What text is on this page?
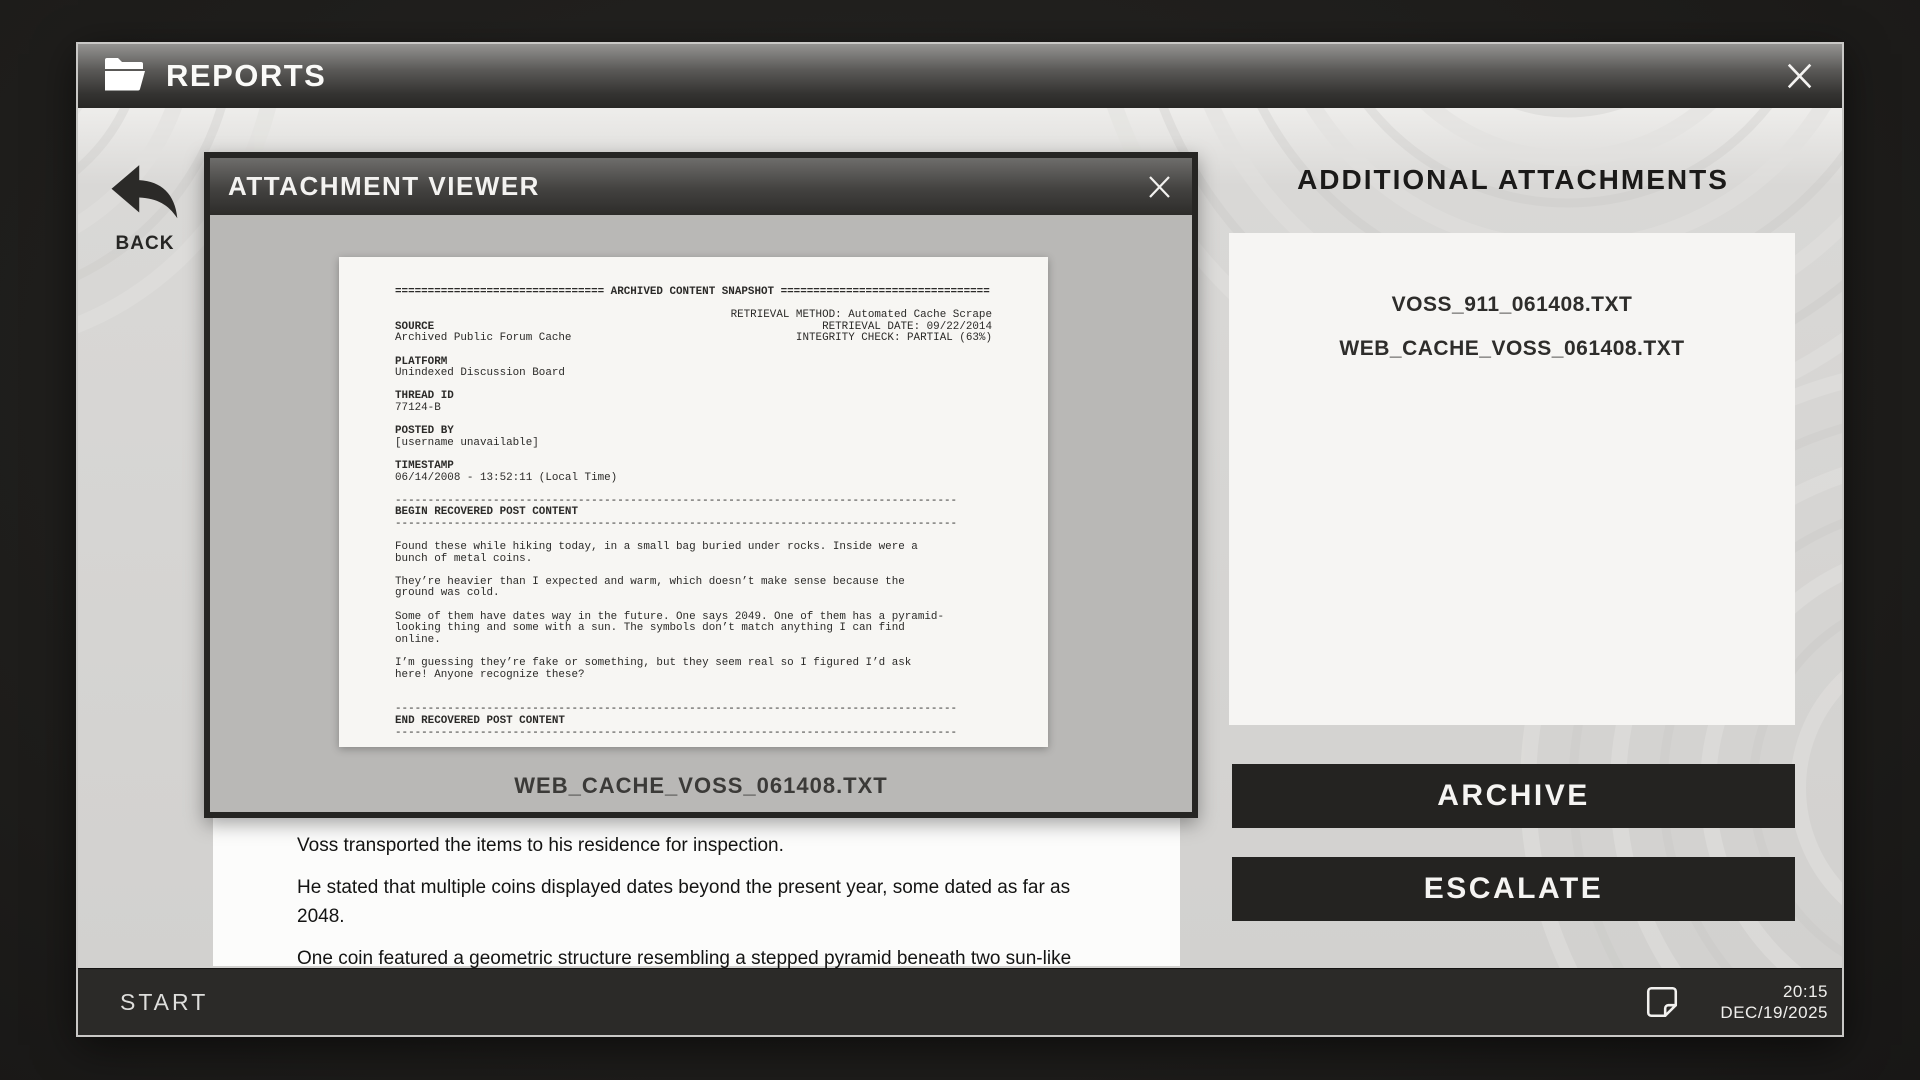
REPORTS
BACK

Voss transported the items to his residence for inspection.

He stated that multiple coins displayed dates beyond the present year, some dated as far as 2048.

One coin featured a geometric structure resembling a stepped pyramid beneath two sun-like

ATTACHMENT VIEWER
================================ ARCHIVED CONTENT SNAPSHOT ================================

RETRIEVAL METHOD: Automated Cache Scrape
SOURCE	RETRIEVAL DATE: 09/22/2014
Archived Public Forum Cache	INTEGRITY CHECK: PARTIAL (63%)

PLATFORM
Unindexed Discussion Board

THREAD ID
77124-B

POSTED BY
[username unavailable]

TIMESTAMP
06/14/2008 - 13:52:11 (Local Time)

--------------------------------------------------------------------------------------
BEGIN RECOVERED POST CONTENT
--------------------------------------------------------------------------------------

Found these while hiking today, in a small bag buried under rocks. Inside were a
bunch of metal coins.

They’re heavier than I expected and warm, which doesn’t make sense because the
ground was cold.

Some of them have dates way in the future. One says 2049. One of them has a pyramid-
looking thing and some with a sun. The symbols don’t match anything I can find
online.

I’m guessing they’re fake or something, but they seem real so I figured I’d ask
here! Anyone recognize these?

--------------------------------------------------------------------------------------
END RECOVERED POST CONTENT
--------------------------------------------------------------------------------------
WEB_CACHE_VOSS_061408.TXT
ADDITIONAL ATTACHMENTS
VOSS_911_061408.TXT
WEB_CACHE_VOSS_061408.TXT
ARCHIVE
ESCALATE
START	20:15
DEC/19/2025
